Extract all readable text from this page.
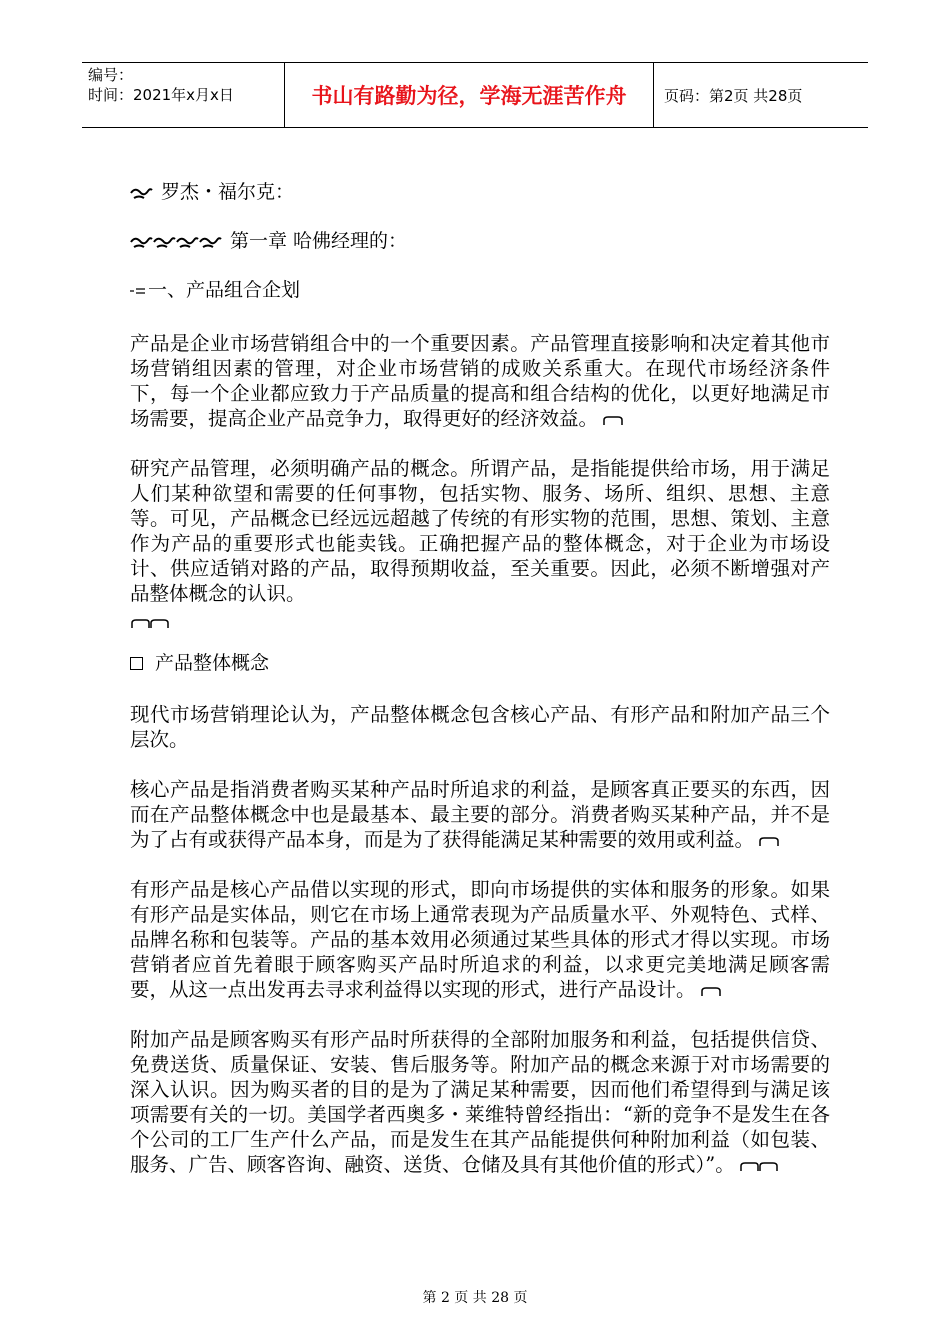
编号：
时间：2021年x月x日	书山有路勤为径，学海无涯苦作舟	页码：第2页 共28页
罗杰・福尔克：
第一章 哈佛经理的：
一、产品组合企划

产品是企业市场营销组合中的一个重要因素。产品管理直接影响和决定着其他市场营销组因素的管理，对企业市场营销的成败关系重大。在现代市场经济条件下，每一个企业都应致力于产品质量的提高和组合结构的优化，以更好地满足市场需要，提高企业产品竞争力，取得更好的经济效益。

研究产品管理，必须明确产品的概念。所谓产品，是指能提供给市场，用于满足人们某种欲望和需要的任何事物，包括实物、服务、场所、组织、思想、主意等。可见，产品概念已经远远超越了传统的有形实物的范围，思想、策划、主意作为产品的重要形式也能卖钱。正确把握产品的整体概念，对于企业为市场设计、供应适销对路的产品，取得预期收益，至关重要。因此，必须不断增强对产品整体概念的认识。

产品整体概念

现代市场营销理论认为，产品整体概念包含核心产品、有形产品和附加产品三个层次。

核心产品是指消费者购买某种产品时所追求的利益，是顾客真正要买的东西，因而在产品整体概念中也是最基本、最主要的部分。消费者购买某种产品，并不是为了占有或获得产品本身，而是为了获得能满足某种需要的效用或利益。

有形产品是核心产品借以实现的形式，即向市场提供的实体和服务的形象。如果有形产品是实体品，则它在市场上通常表现为产品质量水平、外观特色、式样、品牌名称和包装等。产品的基本效用必须通过某些具体的形式才得以实现。市场营销者应首先着眼于顾客购买产品时所追求的利益，以求更完美地满足顾客需要，从这一点出发再去寻求利益得以实现的形式，进行产品设计。

附加产品是顾客购买有形产品时所获得的全部附加服务和利益，包括提供信贷、免费送货、质量保证、安装、售后服务等。附加产品的概念来源于对市场需要的深入认识。因为购买者的目的是为了满足某种需要，因而他们希望得到与满足该项需要有关的一切。美国学者西奥多・莱维特曾经指出：“新的竞争不是发生在各个公司的工厂生产什么产品，而是发生在其产品能提供何种附加利益（如包装、服务、广告、顾客咨询、融资、送货、仓储及具有其他价值的形式）”。

第 2 页 共 28 页
